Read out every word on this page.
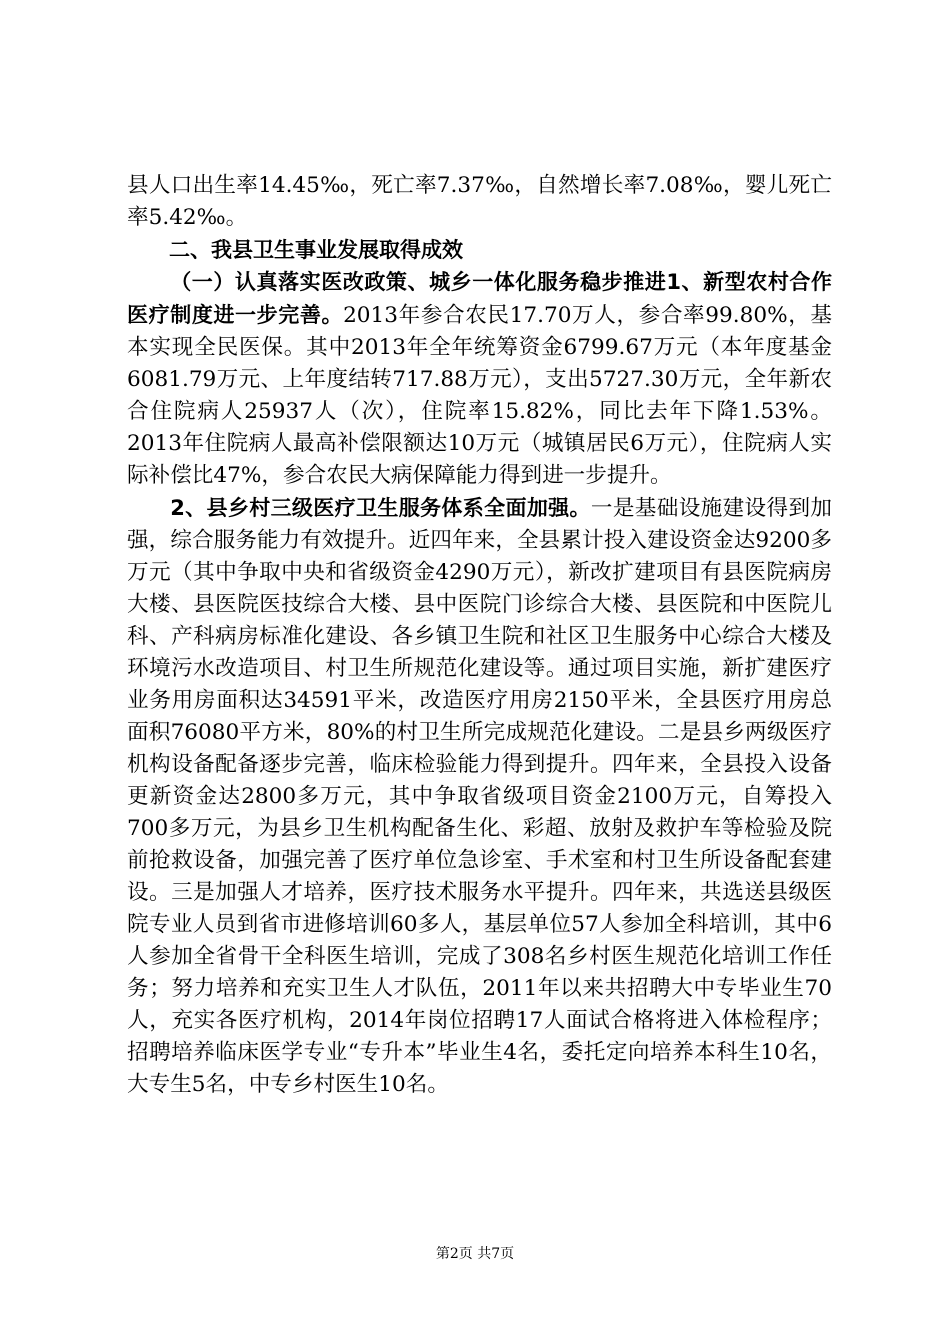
县人口出生率14.45‰，死亡率7.37‰，自然增长率7.08‰，婴儿死亡率5.42‰。

二、我县卫生事业发展取得成效

（一）认真落实医改政策、城乡一体化服务稳步推进1、新型农村合作医疗制度进一步完善。2013年参合农民17.70万人，参合率99.80%，基本实现全民医保。其中2013年全年统筹资金6799.67万元（本年度基金6081.79万元、上年度结转717.88万元），支出5727.30万元，全年新农合住院病人25937人（次），住院率15.82%，同比去年下降1.53%。2013年住院病人最高补偿限额达10万元（城镇居民6万元），住院病人实际补偿比47%，参合农民大病保障能力得到进一步提升。

2、县乡村三级医疗卫生服务体系全面加强。一是基础设施建设得到加强，综合服务能力有效提升。近四年来，全县累计投入建设资金达9200多万元（其中争取中央和省级资金4290万元），新改扩建项目有县医院病房大楼、县医院医技综合大楼、县中医院门诊综合大楼、县医院和中医院儿科、产科病房标准化建设、各乡镇卫生院和社区卫生服务中心综合大楼及环境污水改造项目、村卫生所规范化建设等。通过项目实施，新扩建医疗业务用房面积达34591平米，改造医疗用房2150平米，全县医疗用房总面积76080平方米，80%的村卫生所完成规范化建设。二是县乡两级医疗机构设备配备逐步完善，临床检验能力得到提升。四年来，全县投入设备更新资金达2800多万元，其中争取省级项目资金2100万元，自筹投入700多万元，为县乡卫生机构配备生化、彩超、放射及救护车等检验及院前抢救设备，加强完善了医疗单位急诊室、手术室和村卫生所设备配套建设。三是加强人才培养，医疗技术服务水平提升。四年来，共选送县级医院专业人员到省市进修培训60多人，基层单位57人参加全科培训，其中6人参加全省骨干全科医生培训，完成了308名乡村医生规范化培训工作任务；努力培养和充实卫生人才队伍，2011年以来共招聘大中专毕业生70人，充实各医疗机构，2014年岗位招聘17人面试合格将进入体检程序；招聘培养临床医学专业“专升本”毕业生4名，委托定向培养本科生10名，大专生5名，中专乡村医生10名。

第2页 共7页
